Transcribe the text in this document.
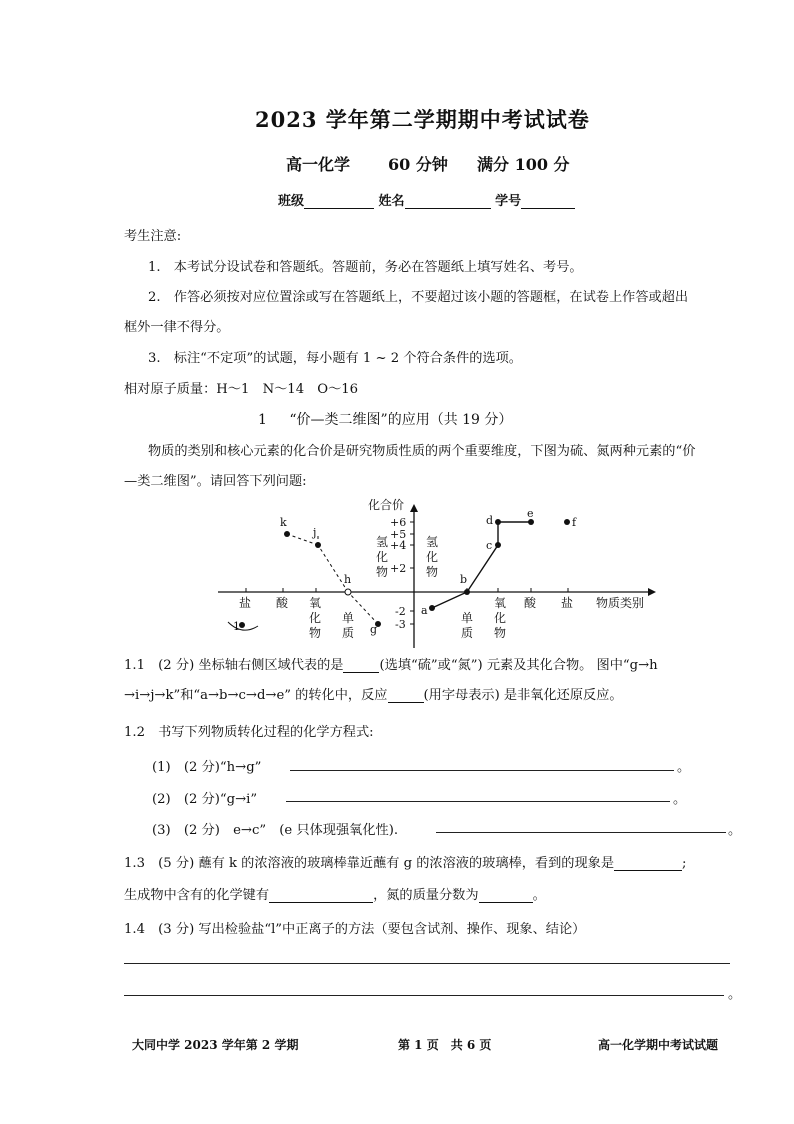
2023 学年第二学期期中考试试卷
高一化学 60 分钟 满分 100 分
班级	姓名	学号
考生注意:
1.　本考试分设试卷和答题纸。答题前，务必在答题纸上填写姓名、考号。
2.　作答必须按对应位置涂或写在答题纸上，不要超过该小题的答题框，在试卷上作答或超出
框外一律不得分。
3.　标注“不定项”的试题，每小题有 1 ~ 2 个符合条件的选项。
相对原子质量：H～1　N～14　O～16
1 “价—类二维图”的应用（共 19 分）
物质的类别和核心元素的化合价是研究物质性质的两个重要维度，下图为硫、氮两种元素的“价
—类二维图”。请回答下列问题:
化合价
物质类别
+6
+5
+4
+2
-2
-3
氢
化
物
氢
化
物
盐 酸 氧
化
物
单
质
单
质
氧
化
物
酸 盐
a
b
c
d
e
f
g
h
j
k
1
1.1　(2 分) 坐标轴右侧区域代表的是	(选填“硫”或“氮”) 元素及其化合物。 图中“g→h
→i→j→k”和“a→b→c→d→e” 的转化中，反应	(用字母表示) 是非氧化还原反应。
1.2　书写下列物质转化过程的化学方程式:
(1)　(2 分)“h→g”	。
(2)　(2 分)“g→i”	。
(3)　(2 分)　e→c”　(e 只体现强氧化性).	。
1.3　(5 分) 蘸有 k 的浓溶液的玻璃棒靠近蘸有 g 的浓溶液的玻璃棒，看到的现象是	;
生成物中含有的化学键有	，氮的质量分数为	。
1.4　(3 分) 写出检验盐“l”中正离子的方法（要包含试剂、操作、现象、结论）
。
大同中学 2023 学年第 2 学期	第 1 页　共 6 页	高一化学期中考试试题
